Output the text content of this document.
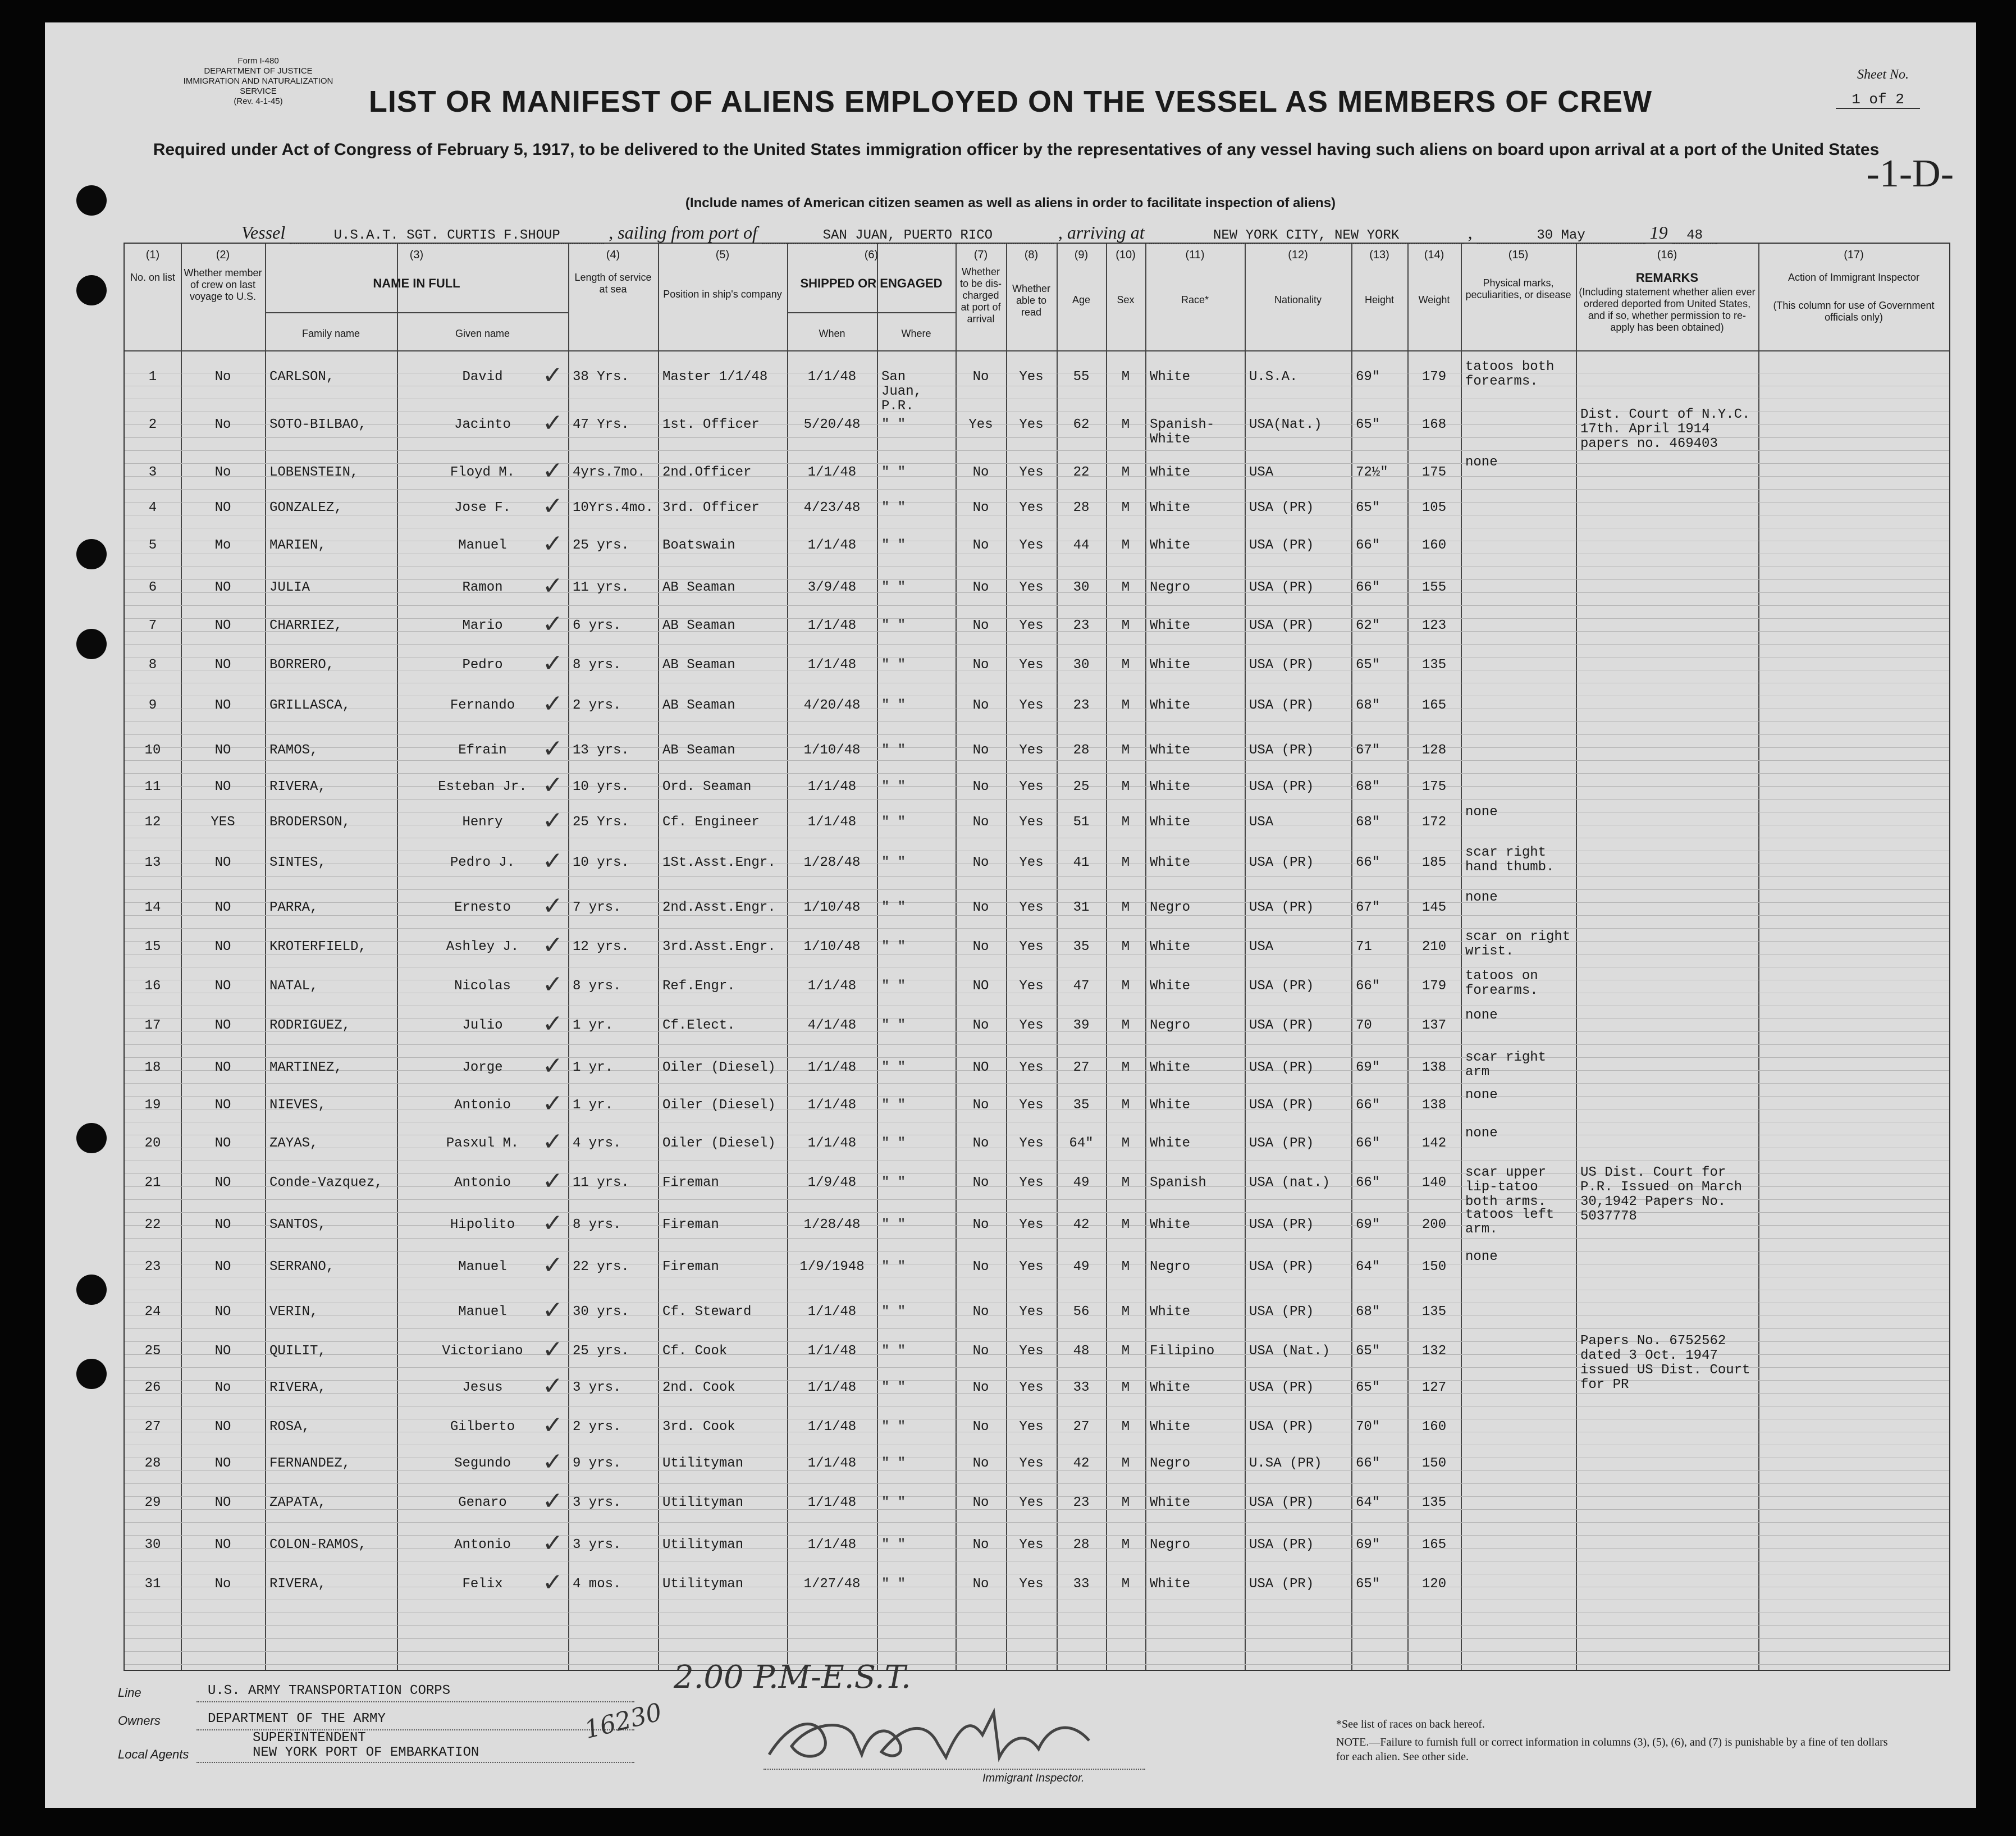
Form I-480
DEPARTMENT OF JUSTICE
IMMIGRATION AND NATURALIZATION SERVICE
(Rev. 4-1-45)
Sheet No.
1 of 2
-1-D-
LIST OR MANIFEST OF ALIENS EMPLOYED ON THE VESSEL AS MEMBERS OF CREW
Required under Act of Congress of February 5, 1917, to be delivered to the United States immigration officer by the representatives of any vessel having such aliens on board upon arrival at a port of the United States
(Include names of American citizen seamen as well as aliens in order to facilitate inspection of aliens)
Vessel	U.S.A.T. SGT. CURTIS F.SHOUP	, sailing from port of	SAN JUAN, PUERTO RICO	, arriving at	NEW YORK CITY, NEW YORK	,	30 May	19 48
(1)	(2)	(3)	(4)	(5)	(6)	(7)	(8)	(9)	(10)	(11)	(12)	(13)	(14)	(15)	(16)	(17)
No. on list Whether member of crew on last voyage to U.S.
NAME IN FULL
Family name	Given name
Length of service at sea	Position in ship's company
SHIPPED OR ENGAGED
When	Where
Whether to be dis-charged at port of arrival
Whether able to read
Age	Sex	Race*	Nationality	Height	Weight
Physical marks, peculiarities, or disease
REMARKS
(Including statement whether alien ever ordered deported from United States, and if so, whether permission to re-apply has been obtained)
Action of Immigrant Inspector
(This column for use of Government officials only)
1	No	CARLSON,	David	38 Yrs.	Master 1/1/48	1/1/48	San Juan, P.R.
No	Yes	55	M	White	U.S.A.	69"	179
tatoos both forearms.
✓
2	No	SOTO-BILBAO,	Jacinto	47 Yrs.	1st. Officer	5/20/48	" "	Yes	Yes	62	M	Spanish-White
USA(Nat.)	65"	168
Dist. Court of N.Y.C. 17th. April 1914 papers no. 469403
✓
3	No	LOBENSTEIN,	Floyd M.	4yrs.7mo.	2nd.Officer	1/1/48	" "	No	Yes	22	M	White	USA	72½"	175
none
✓
4	NO	GONZALEZ,	Jose F.	10Yrs.4mo. 3rd. Officer	4/23/48	" "	No	Yes	28	M	White	USA (PR)	65"	105
✓
5	Mo	MARIEN,	Manuel	25 yrs.	Boatswain	1/1/48	" "	No	Yes	44	M	White	USA (PR)	66"	160
✓
6	NO	JULIA	Ramon	11 yrs.	AB Seaman	3/9/48	" "	No	Yes	30	M	Negro	USA (PR)	66"	155
✓
7	NO	CHARRIEZ,	Mario	6 yrs.	AB Seaman	1/1/48	" "	No	Yes	23	M	White	USA (PR)	62"	123
✓
8	NO	BORRERO,	Pedro	8 yrs.	AB Seaman	1/1/48	" "	No	Yes	30	M	White	USA (PR)	65"	135
✓
9	NO	GRILLASCA,	Fernando	2 yrs.	AB Seaman	4/20/48	" "	No	Yes	23	M	White	USA (PR)	68"	165
✓
10	NO	RAMOS,	Efrain	13 yrs.	AB Seaman	1/10/48	" "	No	Yes	28	M	White	USA (PR)	67"	128
✓
11	NO	RIVERA,	Esteban Jr.	10 yrs.	Ord. Seaman	1/1/48	" "	No	Yes	25	M	White	USA (PR)	68"	175
✓
12	YES	BRODERSON,	Henry	25 Yrs.	Cf. Engineer	1/1/48	" "	No	Yes	51	M	White	USA	68"	172
none
✓
13	NO	SINTES,	Pedro J.	10 yrs.	1St.Asst.Engr.	1/28/48	" "	No	Yes	41	M	White	USA (PR)	66"	185
scar right hand thumb.
✓
14	NO	PARRA,	Ernesto	7 yrs.	2nd.Asst.Engr.	1/10/48	" "	No	Yes	31	M	Negro	USA (PR)	67"	145
none
✓
15	NO	KROTERFIELD,	Ashley J.	12 yrs.	3rd.Asst.Engr.	1/10/48	" "	No	Yes	35	M	White	USA	71	210
scar on right wrist.
✓
16	NO	NATAL,	Nicolas	8 yrs.	Ref.Engr.	1/1/48	" "	NO	Yes	47	M	White	USA (PR)	66"	179
tatoos on forearms.
✓
17	NO	RODRIGUEZ,	Julio	1 yr.	Cf.Elect.	4/1/48	" "	No	Yes	39	M	Negro	USA (PR)	70	137
none
✓
18	NO	MARTINEZ,	Jorge	1 yr.	Oiler (Diesel)	1/1/48	" "	NO	Yes	27	M	White	USA (PR)	69"	138
scar right arm
✓
19	NO	NIEVES,	Antonio	1 yr.	Oiler (Diesel)	1/1/48	" "	No	Yes	35	M	White	USA (PR)	66"	138
none
✓
20	NO	ZAYAS,	Pasxul M.	4 yrs.	Oiler (Diesel)	1/1/48	" "	No	Yes	64"	M	White	USA (PR)	66"	142
none
✓
21	NO	Conde-Vazquez,	Antonio	11 yrs.	Fireman	1/9/48	" "	No	Yes	49	M	Spanish	USA (nat.)	66"	140
scar upper lip-tatoo both arms.
US Dist. Court for P.R. Issued on March 30,1942 Papers No. 5037778
✓
22	NO	SANTOS,	Hipolito	8 yrs.	Fireman	1/28/48	" "	No	Yes	42	M	White	USA (PR)	69"	200
tatoos left arm.
✓
23	NO	SERRANO,	Manuel	22 yrs.	Fireman	1/9/1948	" "	No	Yes	49	M	Negro	USA (PR)	64"	150
none
✓
24	NO	VERIN,	Manuel	30 yrs.	Cf. Steward	1/1/48	" "	No	Yes	56	M	White	USA (PR)	68"	135
✓
25	NO	QUILIT,	Victoriano	25 yrs.	Cf. Cook	1/1/48	" "	No	Yes	48	M	Filipino	USA (Nat.)	65"	132
Papers No. 6752562 dated 3 Oct. 1947 issued US Dist. Court for PR
✓
26	No	RIVERA,	Jesus	3 yrs.	2nd. Cook	1/1/48	" "	No	Yes	33	M	White	USA (PR)	65"	127
✓
27	NO	ROSA,	Gilberto	2 yrs.	3rd. Cook	1/1/48	" "	No	Yes	27	M	White	USA (PR)	70"	160
✓
28	NO	FERNANDEZ,	Segundo	9 yrs.	Utilityman	1/1/48	" "	No	Yes	42	M	Negro	U.SA (PR)	66"	150
✓
29	NO	ZAPATA,	Genaro	3 yrs.	Utilityman	1/1/48	" "	No	Yes	23	M	White	USA (PR)	64"	135
✓
30	NO	COLON-RAMOS,	Antonio	3 yrs.	Utilityman	1/1/48	" "	No	Yes	28	M	Negro	USA (PR)	69"	165
✓
31	No	RIVERA,	Felix	4 mos.	Utilityman	1/27/48	" "	No	Yes	33	M	White	USA (PR)	65"	120
✓
Line	U.S. ARMY TRANSPORTATION CORPS
Owners	DEPARTMENT OF THE ARMY
SUPERINTENDENT
Local Agents	NEW YORK PORT OF EMBARKATION
16230
2.00 P.M-E.S.T.
Immigrant Inspector.
*See list of races on back hereof.
NOTE.—Failure to furnish full or correct information in columns (3), (5), (6), and (7) is punishable by a fine of ten dollars for each alien. See other side.
